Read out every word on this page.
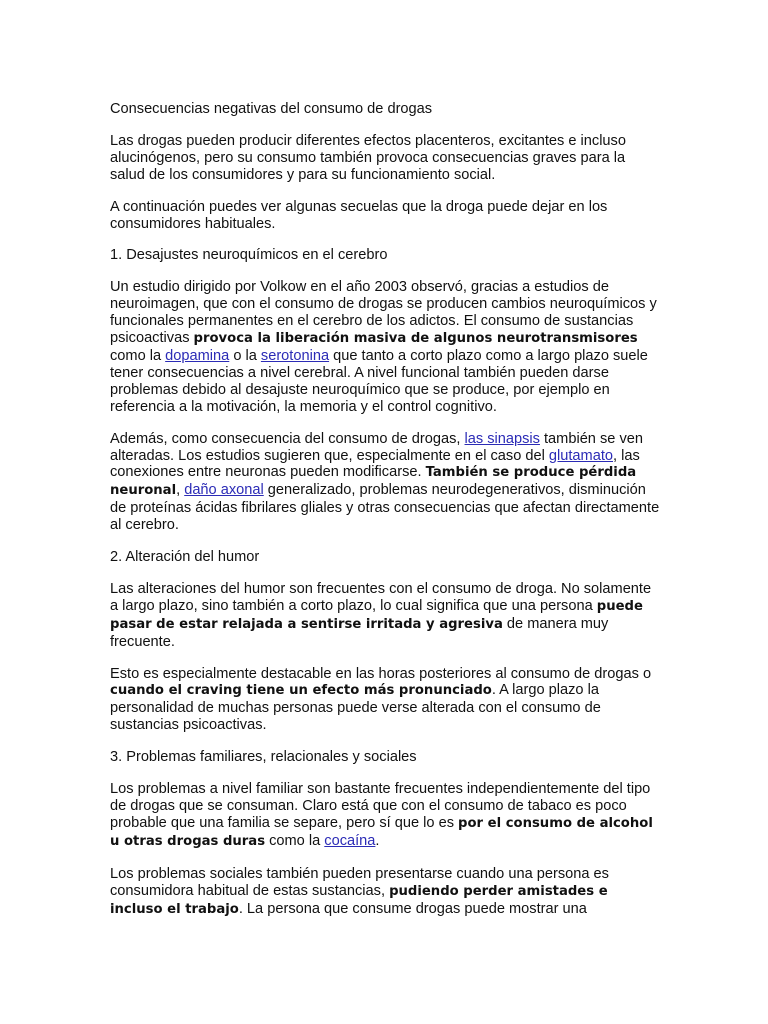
Consecuencias negativas del consumo de drogas

Las drogas pueden producir diferentes efectos placenteros, excitantes e incluso alucinógenos, pero su consumo también provoca consecuencias graves para la salud de los consumidores y para su funcionamiento social.

A continuación puedes ver algunas secuelas que la droga puede dejar en los consumidores habituales.

1. Desajustes neuroquímicos en el cerebro

Un estudio dirigido por Volkow en el año 2003 observó, gracias a estudios de neuroimagen, que con el consumo de drogas se producen cambios neuroquímicos y funcionales permanentes en el cerebro de los adictos. El consumo de sustancias psicoactivas provoca la liberación masiva de algunos neurotransmisores como la dopamina o la serotonina que tanto a corto plazo como a largo plazo suele tener consecuencias a nivel cerebral. A nivel funcional también pueden darse problemas debido al desajuste neuroquímico que se produce, por ejemplo en referencia a la motivación, la memoria y el control cognitivo.

Además, como consecuencia del consumo de drogas, las sinapsis también se ven alteradas. Los estudios sugieren que, especialmente en el caso del glutamato, las conexiones entre neuronas pueden modificarse. También se produce pérdida neuronal, daño axonal generalizado, problemas neurodegenerativos, disminución de proteínas ácidas fibrilares gliales y otras consecuencias que afectan directamente al cerebro.

2. Alteración del humor

Las alteraciones del humor son frecuentes con el consumo de droga. No solamente a largo plazo, sino también a corto plazo, lo cual significa que una persona puede pasar de estar relajada a sentirse irritada y agresiva de manera muy frecuente.

Esto es especialmente destacable en las horas posteriores al consumo de drogas o cuando el craving tiene un efecto más pronunciado. A largo plazo la personalidad de muchas personas puede verse alterada con el consumo de sustancias psicoactivas.

3. Problemas familiares, relacionales y sociales

Los problemas a nivel familiar son bastante frecuentes independientemente del tipo de drogas que se consuman. Claro está que con el consumo de tabaco es poco probable que una familia se separe, pero sí que lo es por el consumo de alcohol u otras drogas duras como la cocaína.

Los problemas sociales también pueden presentarse cuando una persona es consumidora habitual de estas sustancias, pudiendo perder amistades e incluso el trabajo. La persona que consume drogas puede mostrar una
